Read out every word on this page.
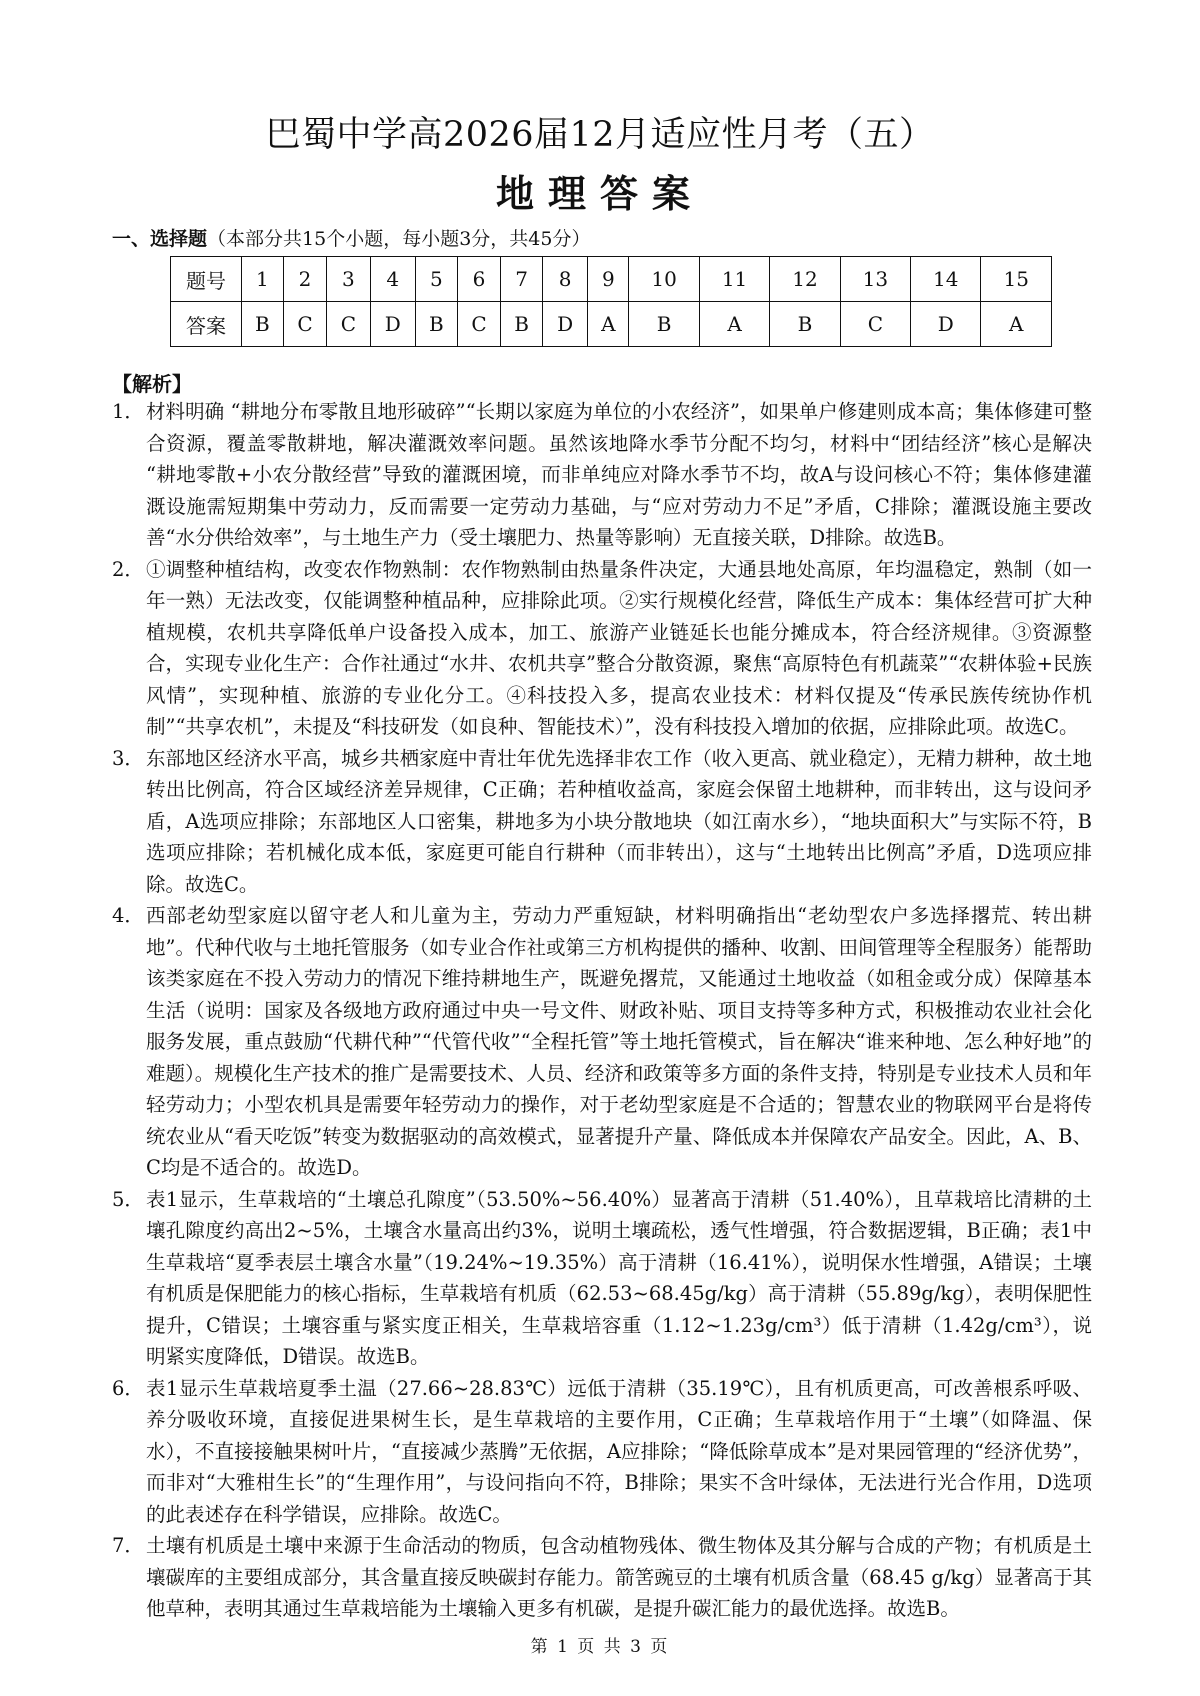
巴蜀中学高2026届12月适应性月考（五）
地理答案
一、选择题（本部分共15个小题，每小题3分，共45分）
题号	1	2	3	4	5	6	7	8	9	10	11	12	13	14	15
答案	B	C	C	D	B	C	B	D	A	B	A	B	C	D	A
【解析】
1． 材料明确 “耕地分布零散且地形破碎”“长期以家庭为单位的小农经济”，如果单户修建则成本高；集体修建可整合资源，覆盖零散耕地，解决灌溉效率问题。虽然该地降水季节分配不均匀，材料中“团结经济”核心是解决 “耕地零散+小农分散经营”导致的灌溉困境，而非单纯应对降水季节不均，故A与设问核心不符；集体修建灌溉设施需短期集中劳动力，反而需要一定劳动力基础，与“应对劳动力不足”矛盾，C排除；灌溉设施主要改善“水分供给效率”，与土地生产力（受土壤肥力、热量等影响）无直接关联，D排除。故选B。
2． ①调整种植结构，改变农作物熟制：农作物熟制由热量条件决定，大通县地处高原，年均温稳定，熟制（如一年一熟）无法改变，仅能调整种植品种，应排除此项。②实行规模化经营，降低生产成本：集体经营可扩大种植规模，农机共享降低单户设备投入成本，加工、旅游产业链延长也能分摊成本，符合经济规律。③资源整合，实现专业化生产：合作社通过“水井、农机共享”整合分散资源，聚焦“高原特色有机蔬菜”“农耕体验+民族风情”，实现种植、旅游的专业化分工。④科技投入多，提高农业技术：材料仅提及“传承民族传统协作机制”“共享农机”，未提及“科技研发（如良种、智能技术）”，没有科技投入增加的依据，应排除此项。故选C。
3． 东部地区经济水平高，城乡共栖家庭中青壮年优先选择非农工作（收入更高、就业稳定），无精力耕种，故土地转出比例高，符合区域经济差异规律，C正确；若种植收益高，家庭会保留土地耕种，而非转出，这与设问矛盾，A选项应排除；东部地区人口密集，耕地多为小块分散地块（如江南水乡），“地块面积大”与实际不符，B选项应排除；若机械化成本低，家庭更可能自行耕种（而非转出），这与“土地转出比例高”矛盾，D选项应排除。故选C。
4． 西部老幼型家庭以留守老人和儿童为主，劳动力严重短缺，材料明确指出“老幼型农户多选择撂荒、转出耕地”。代种代收与土地托管服务（如专业合作社或第三方机构提供的播种、收割、田间管理等全程服务）能帮助该类家庭在不投入劳动力的情况下维持耕地生产，既避免撂荒，又能通过土地收益（如租金或分成）保障基本生活（说明：国家及各级地方政府通过中央一号文件、财政补贴、项目支持等多种方式，积极推动农业社会化服务发展，重点鼓励“代耕代种”“代管代收”“全程托管”等土地托管模式，旨在解决“谁来种地、怎么种好地”的难题）。规模化生产技术的推广是需要技术、人员、经济和政策等多方面的条件支持，特别是专业技术人员和年轻劳动力；小型农机具是需要年轻劳动力的操作，对于老幼型家庭是不合适的；智慧农业的物联网平台是将传统农业从“看天吃饭”转变为数据驱动的高效模式，显著提升产量、降低成本并保障农产品安全。因此，A、B、C均是不适合的。故选D。
5． 表1显示，生草栽培的“土壤总孔隙度”（53.50%~56.40%）显著高于清耕（51.40%），且草栽培比清耕的土壤孔隙度约高出2~5%，土壤含水量高出约3%，说明土壤疏松，透气性增强，符合数据逻辑，B正确；表1中生草栽培“夏季表层土壤含水量”（19.24%~19.35%）高于清耕（16.41%），说明保水性增强，A错误；土壤有机质是保肥能力的核心指标，生草栽培有机质（62.53~68.45g/kg）高于清耕（55.89g/kg），表明保肥性提升，C错误；土壤容重与紧实度正相关，生草栽培容重（1.12~1.23g/cm³）低于清耕（1.42g/cm³），说明紧实度降低，D错误。故选B。
6． 表1显示生草栽培夏季土温（27.66~28.83℃）远低于清耕（35.19℃），且有机质更高，可改善根系呼吸、养分吸收环境，直接促进果树生长，是生草栽培的主要作用，C正确；生草栽培作用于“土壤”（如降温、保水），不直接接触果树叶片，“直接减少蒸腾”无依据，A应排除；“降低除草成本”是对果园管理的“经济优势”，而非对“大雅柑生长”的“生理作用”，与设问指向不符，B排除；果实不含叶绿体，无法进行光合作用，D选项的此表述存在科学错误，应排除。故选C。
7． 土壤有机质是土壤中来源于生命活动的物质，包含动植物残体、微生物体及其分解与合成的产物；有机质是土壤碳库的主要组成部分，其含量直接反映碳封存能力。箭筈豌豆的土壤有机质含量（68.45 g/kg）显著高于其他草种，表明其通过生草栽培能为土壤输入更多有机碳，是提升碳汇能力的最优选择。故选B。
第 1 页 共 3 页
